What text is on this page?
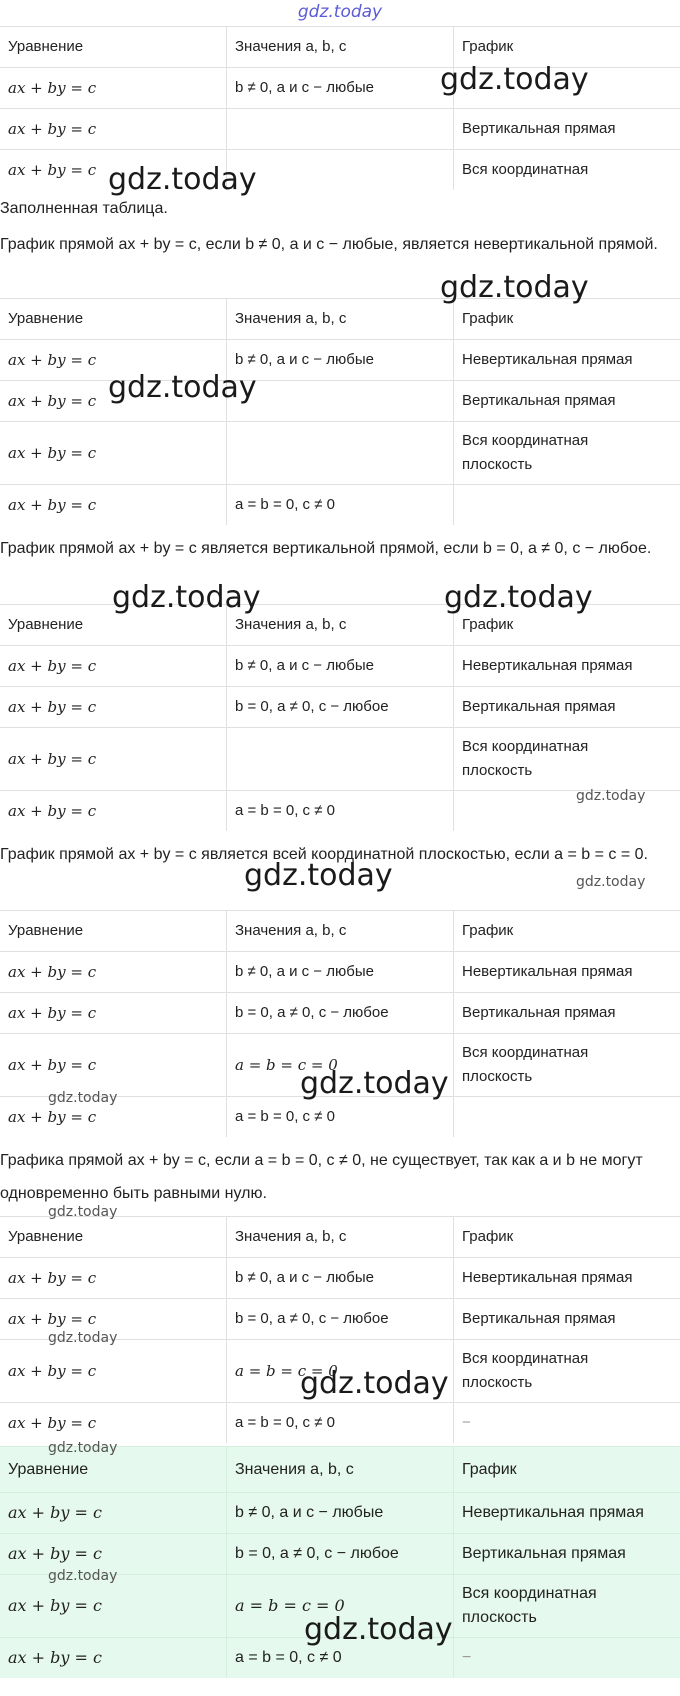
gdz.today
Уравнение	Значения a, b, c	График
ax + by = c	b ≠ 0, a и c − любые	
ax + by = c		Вертикальная прямая
ax + by = c		Вся координатная
Заполненная таблица.
График прямой ax + by = c, если b ≠ 0, a и c − любые, является невертикальной прямой.
Уравнение	Значения a, b, c	График
ax + by = c	b ≠ 0, a и c − любые	Невертикальная прямая
ax + by = c		Вертикальная прямая
ax + by = c		Вся координатная
плоскость

ax + by = c	a = b = 0, c ≠ 0	
График прямой ax + by = c является вертикальной прямой, если b = 0, a ≠ 0, c − любое.
Уравнение	Значения a, b, c	График
ax + by = c	b ≠ 0, a и c − любые	Невертикальная прямая
ax + by = c	b = 0, a ≠ 0, c − любое	Вертикальная прямая
ax + by = c		Вся координатная
плоскость

ax + by = c	a = b = 0, c ≠ 0	
График прямой ax + by = c является всей координатной плоскостью, если a = b = c = 0.
Уравнение	Значения a, b, c	График
ax + by = c	b ≠ 0, a и c − любые	Невертикальная прямая
ax + by = c	b = 0, a ≠ 0, c − любое	Вертикальная прямая
ax + by = c	a = b = c = 0	Вся координатная
плоскость

ax + by = c	a = b = 0, c ≠ 0	
Графика прямой ax + by = c, если a = b = 0, c ≠ 0, не существует, так как a и b не могут одновременно быть равными нулю.
Уравнение	Значения a, b, c	График
ax + by = c	b ≠ 0, a и c − любые	Невертикальная прямая
ax + by = c	b = 0, a ≠ 0, c − любое	Вертикальная прямая
ax + by = c	a = b = c = 0	Вся координатная
плоскость

ax + by = c	a = b = 0, c ≠ 0	−
Уравнение	Значения a, b, c	График
ax + by = c	b ≠ 0, a и c − любые	Невертикальная прямая
ax + by = c	b = 0, a ≠ 0, c − любое	Вертикальная прямая
ax + by = c	a = b = c = 0	Вся координатная
плоскость

ax + by = c	a = b = 0, c ≠ 0	−
gdz.today
gdz.today
gdz.today
gdz.today
gdz.today	gdz.today
gdz.today
gdz.today	gdz.today
gdz.today
gdz.today
gdz.today
gdz.today
gdz.today
gdz.today
gdz.today
gdz.today
